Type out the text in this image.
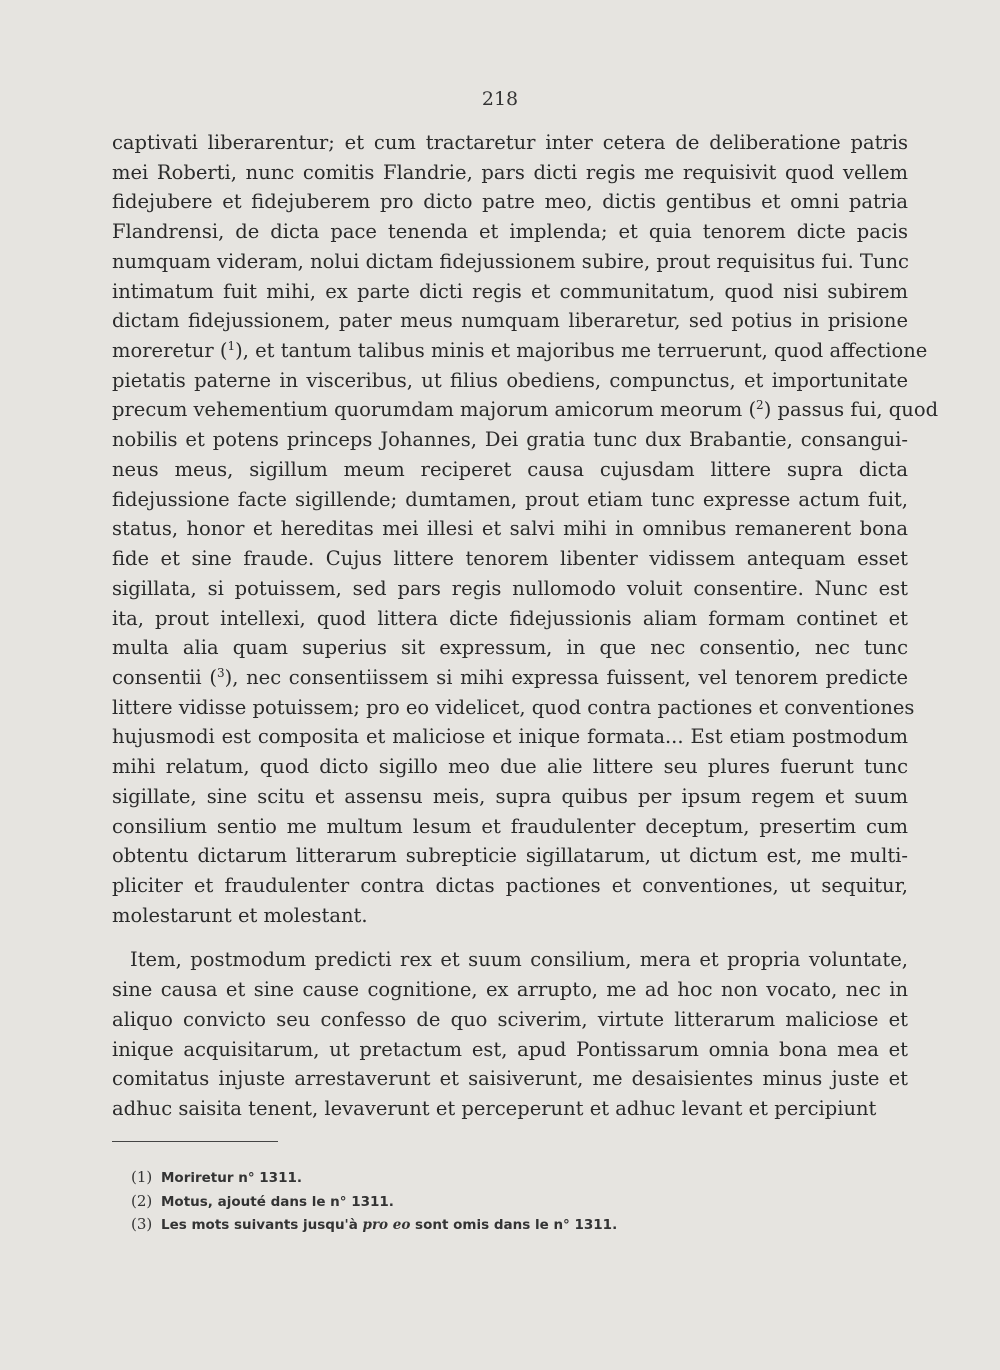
218
captivati liberarentur; et cum tractaretur inter cetera de deliberatione patris
mei Roberti, nunc comitis Flandrie, pars dicti regis me requisivit quod vellem
fidejubere et fidejuberem pro dicto patre meo, dictis gentibus et omni patria
Flandrensi, de dicta pace tenenda et implenda; et quia tenorem dicte pacis
numquam videram, nolui dictam fidejussionem subire, prout requisitus fui. Tunc
intimatum fuit mihi, ex parte dicti regis et communitatum, quod nisi subirem
dictam fidejussionem, pater meus numquam liberaretur, sed potius in prisione
moreretur ($^1$), et tantum talibus minis et majoribus me terruerunt, quod affectione
pietatis paterne in visceribus, ut filius obediens, compunctus, et importunitate
precum vehementium quorumdam majorum amicorum meorum ($^2$) passus fui, quod
nobilis et potens princeps Johannes, Dei gratia tunc dux Brabantie, consangui-
neus meus, sigillum meum reciperet causa cujusdam littere supra dicta
fidejussione facte sigillende; dumtamen, prout etiam tunc expresse actum fuit,
status, honor et hereditas mei illesi et salvi mihi in omnibus remanerent bona
fide et sine fraude. Cujus littere tenorem libenter vidissem antequam esset
sigillata, si potuissem, sed pars regis nullomodo voluit consentire. Nunc est
ita, prout intellexi, quod littera dicte fidejussionis aliam formam continet et
multa alia quam superius sit expressum, in que nec consentio, nec tunc
consentii ($^3$), nec consentiissem si mihi expressa fuissent, vel tenorem predicte
littere vidisse potuissem; pro eo videlicet, quod contra pactiones et conventiones
hujusmodi est composita et maliciose et inique formata... Est etiam postmodum
mihi relatum, quod dicto sigillo meo due alie littere seu plures fuerunt tunc
sigillate, sine scitu et assensu meis, supra quibus per ipsum regem et suum
consilium sentio me multum lesum et fraudulenter deceptum, presertim cum
obtentu dictarum litterarum subrepticie sigillatarum, ut dictum est, me multi-
pliciter et fraudulenter contra dictas pactiones et conventiones, ut sequitur,
molestarunt et molestant.
Item, postmodum predicti rex et suum consilium, mera et propria voluntate,
sine causa et sine cause cognitione, ex arrupto, me ad hoc non vocato, nec in
aliquo convicto seu confesso de quo sciverim, virtute litterarum maliciose et
inique acquisitarum, ut pretactum est, apud Pontissarum omnia bona mea et
comitatus injuste arrestaverunt et saisiverunt, me desaisientes minus juste et
adhuc saisita tenent, levaverunt et perceperunt et adhuc levant et percipiunt
(1) Moriretur n° 1311.
(2) Motus, ajouté dans le n° 1311.
(3) Les mots suivants jusqu'à pro eo sont omis dans le n° 1311.
